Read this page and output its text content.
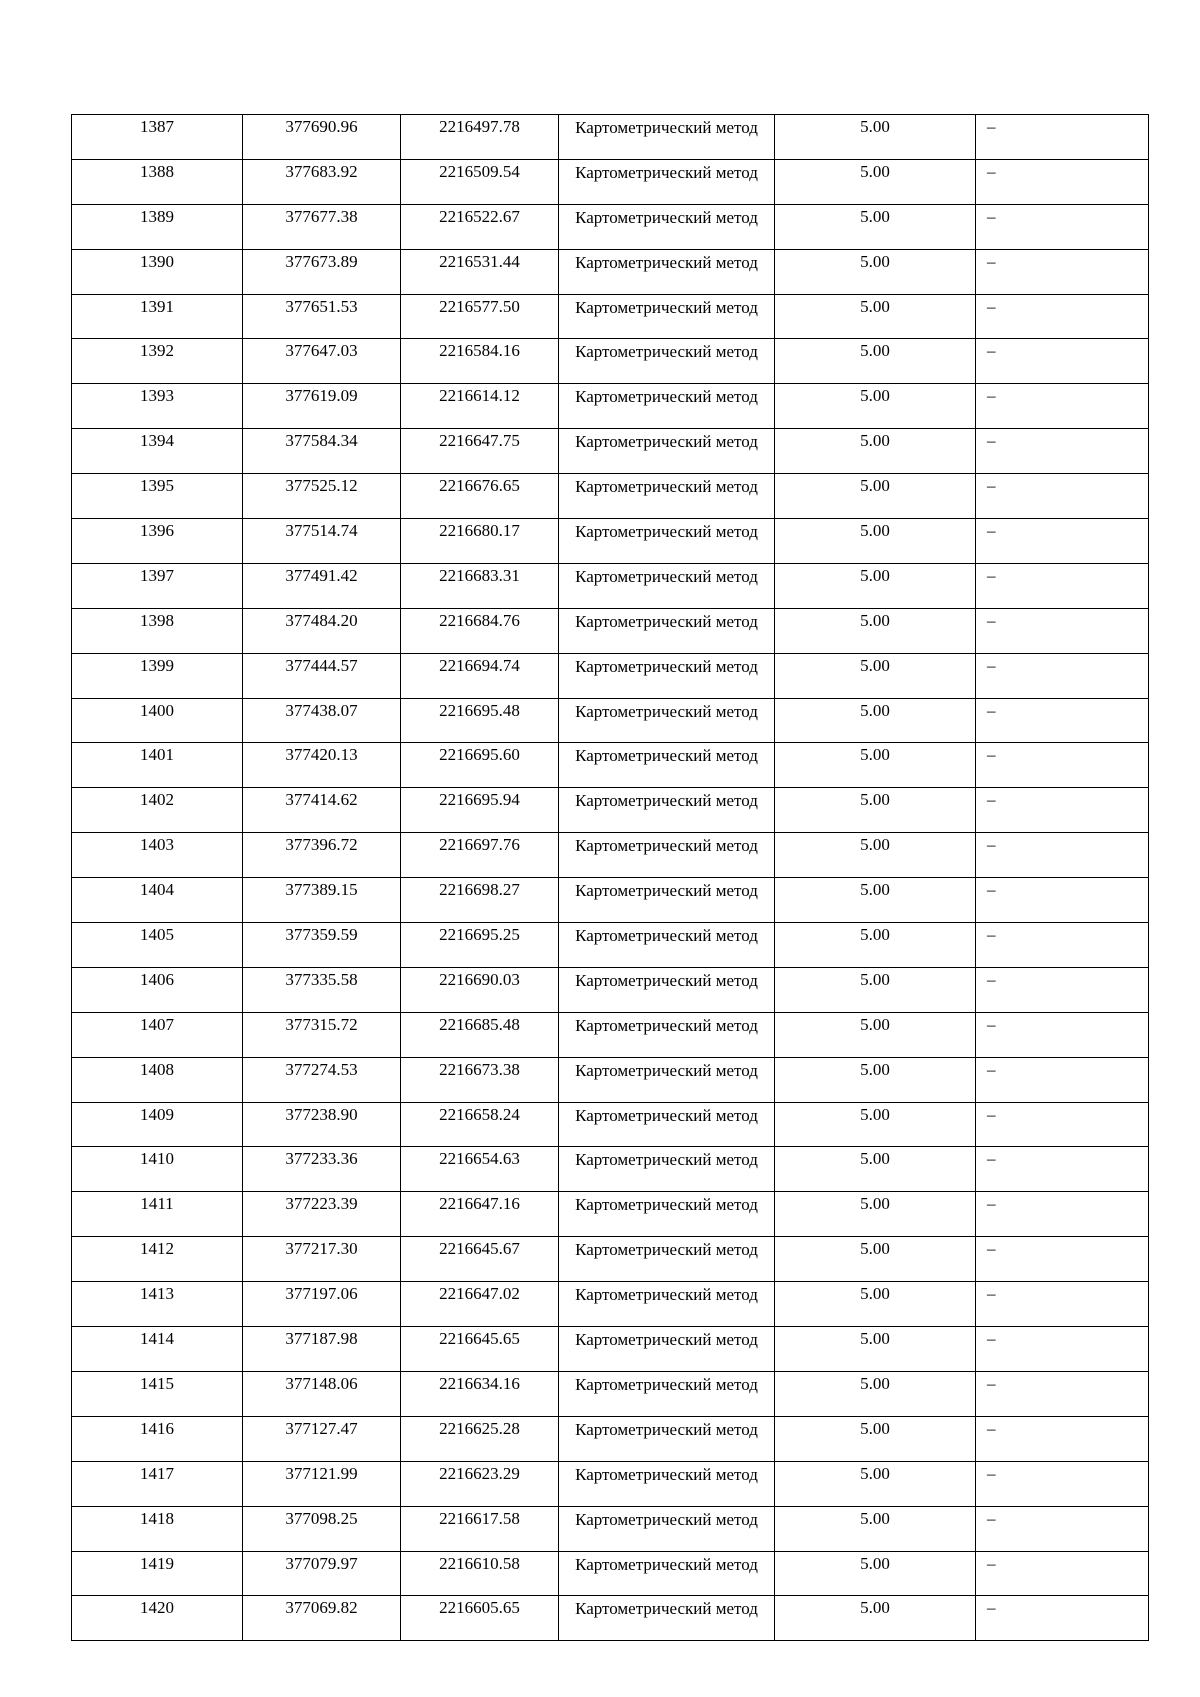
1387	377690.96	2216497.78	Картометрический метод	5.00	–
1388	377683.92	2216509.54	Картометрический метод	5.00	–
1389	377677.38	2216522.67	Картометрический метод	5.00	–
1390	377673.89	2216531.44	Картометрический метод	5.00	–
1391	377651.53	2216577.50	Картометрический метод	5.00	–
1392	377647.03	2216584.16	Картометрический метод	5.00	–
1393	377619.09	2216614.12	Картометрический метод	5.00	–
1394	377584.34	2216647.75	Картометрический метод	5.00	–
1395	377525.12	2216676.65	Картометрический метод	5.00	–
1396	377514.74	2216680.17	Картометрический метод	5.00	–
1397	377491.42	2216683.31	Картометрический метод	5.00	–
1398	377484.20	2216684.76	Картометрический метод	5.00	–
1399	377444.57	2216694.74	Картометрический метод	5.00	–
1400	377438.07	2216695.48	Картометрический метод	5.00	–
1401	377420.13	2216695.60	Картометрический метод	5.00	–
1402	377414.62	2216695.94	Картометрический метод	5.00	–
1403	377396.72	2216697.76	Картометрический метод	5.00	–
1404	377389.15	2216698.27	Картометрический метод	5.00	–
1405	377359.59	2216695.25	Картометрический метод	5.00	–
1406	377335.58	2216690.03	Картометрический метод	5.00	–
1407	377315.72	2216685.48	Картометрический метод	5.00	–
1408	377274.53	2216673.38	Картометрический метод	5.00	–
1409	377238.90	2216658.24	Картометрический метод	5.00	–
1410	377233.36	2216654.63	Картометрический метод	5.00	–
1411	377223.39	2216647.16	Картометрический метод	5.00	–
1412	377217.30	2216645.67	Картометрический метод	5.00	–
1413	377197.06	2216647.02	Картометрический метод	5.00	–
1414	377187.98	2216645.65	Картометрический метод	5.00	–
1415	377148.06	2216634.16	Картометрический метод	5.00	–
1416	377127.47	2216625.28	Картометрический метод	5.00	–
1417	377121.99	2216623.29	Картометрический метод	5.00	–
1418	377098.25	2216617.58	Картометрический метод	5.00	–
1419	377079.97	2216610.58	Картометрический метод	5.00	–
1420	377069.82	2216605.65	Картометрический метод	5.00	–
